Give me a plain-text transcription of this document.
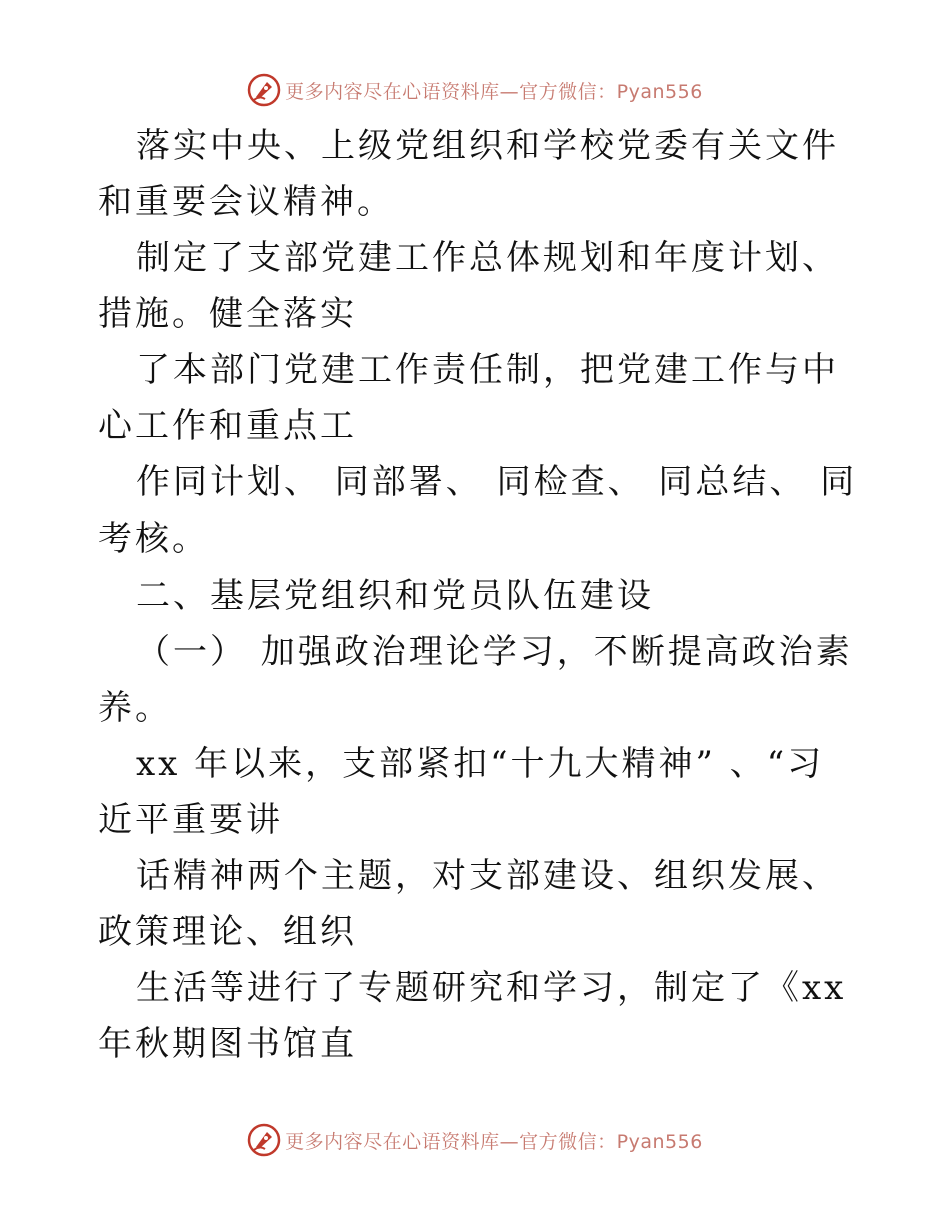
更多内容尽在心语资料库—官方微信：Pyan556

落实中央、上级党组织和学校党委有关文件和重要会议精神。

制定了支部党建工作总体规划和年度计划、措施。健全落实

了本部门党建工作责任制，把党建工作与中心工作和重点工

作同计划、 同部署、 同检查、 同总结、 同考核。

二、基层党组织和党员队伍建设

（一） 加强政治理论学习，不断提高政治素养。

xx 年以来，支部紧扣“十九大精神” 、“习近平重要讲

话精神两个主题，对支部建设、组织发展、政策理论、组织

生活等进行了专题研究和学习，制定了《xx 年秋期图书馆直

更多内容尽在心语资料库—官方微信：Pyan556
